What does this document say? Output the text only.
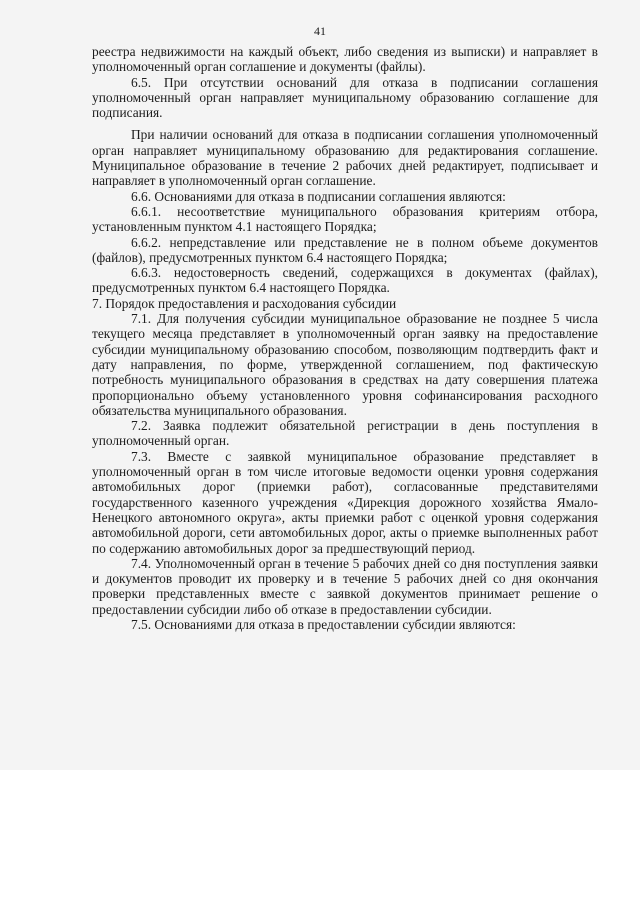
41

реестра недвижимости на каждый объект, либо сведения из выписки) и направляет в уполномоченный орган соглашение и документы (файлы).

6.5. При отсутствии оснований для отказа в подписании соглашения уполномоченный орган направляет муниципальному образованию соглашение для подписания.

При наличии оснований для отказа в подписании соглашения уполномоченный орган направляет муниципальному образованию для редактирования соглашение. Муниципальное образование в течение 2 рабочих дней редактирует, подписывает и направляет в уполномоченный орган соглашение.

6.6. Основаниями для отказа в подписании соглашения являются:

6.6.1. несоответствие муниципального образования критериям отбора, установленным пунктом 4.1 настоящего Порядка;

6.6.2. непредставление или представление не в полном объеме документов (файлов), предусмотренных пунктом 6.4 настоящего Порядка;

6.6.3. недостоверность сведений, содержащихся в документах (файлах), предусмотренных пунктом 6.4 настоящего Порядка.

7. Порядок предоставления и расходования субсидии

7.1. Для получения субсидии муниципальное образование не позднее 5 числа текущего месяца представляет в уполномоченный орган заявку на предоставление субсидии муниципальному образованию способом, позволяющим подтвердить факт и дату направления, по форме, утвержденной соглашением, под фактическую потребность муниципального образования в средствах на дату совершения платежа пропорционально объему установленного уровня софинансирования расходного обязательства муниципального образования.

7.2. Заявка подлежит обязательной регистрации в день поступления в уполномоченный орган.

7.3. Вместе с заявкой муниципальное образование представляет в уполномоченный орган в том числе итоговые ведомости оценки уровня содержания автомобильных дорог (приемки работ), согласованные представителями государственного казенного учреждения «Дирекция дорожного хозяйства Ямало-Ненецкого автономного округа», акты приемки работ с оценкой уровня содержания автомобильной дороги, сети автомобильных дорог, акты о приемке выполненных работ по содержанию автомобильных дорог за предшествующий период.

7.4. Уполномоченный орган в течение 5 рабочих дней со дня поступления заявки и документов проводит их проверку и в течение 5 рабочих дней со дня окончания проверки представленных вместе с заявкой документов принимает решение о предоставлении субсидии либо об отказе в предоставлении субсидии.

7.5. Основаниями для отказа в предоставлении субсидии являются:
